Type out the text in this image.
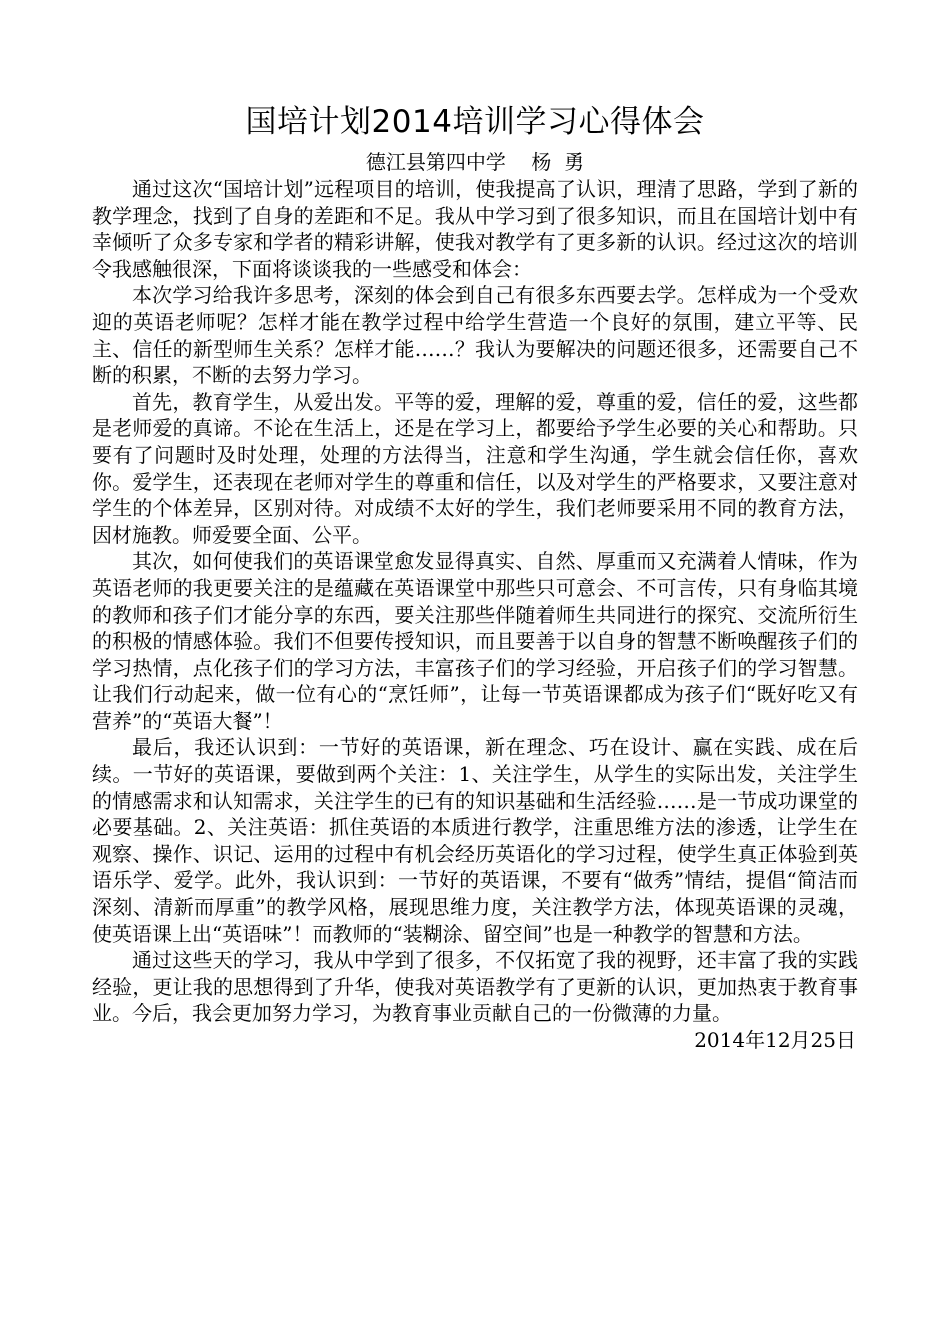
国培计划2014培训学习心得体会

德江县第四中学    杨  勇

通过这次“国培计划”远程项目的培训，使我提高了认识，理清了思路，学到了新的教学理念，找到了自身的差距和不足。我从中学习到了很多知识，而且在国培计划中有幸倾听了众多专家和学者的精彩讲解，使我对教学有了更多新的认识。经过这次的培训令我感触很深，下面将谈谈我的一些感受和体会：

本次学习给我许多思考，深刻的体会到自己有很多东西要去学。怎样成为一个受欢迎的英语老师呢？怎样才能在教学过程中给学生营造一个良好的氛围，建立平等、民主、信任的新型师生关系？怎样才能……？我认为要解决的问题还很多，还需要自己不断的积累，不断的去努力学习。

首先，教育学生，从爱出发。平等的爱，理解的爱，尊重的爱，信任的爱，这些都是老师爱的真谛。不论在生活上，还是在学习上，都要给予学生必要的关心和帮助。只要有了问题时及时处理，处理的方法得当，注意和学生沟通，学生就会信任你，喜欢你。爱学生，还表现在老师对学生的尊重和信任，以及对学生的严格要求，又要注意对学生的个体差异，区别对待。对成绩不太好的学生，我们老师要采用不同的教育方法，因材施教。师爱要全面、公平。

其次，如何使我们的英语课堂愈发显得真实、自然、厚重而又充满着人情味，作为英语老师的我更要关注的是蕴藏在英语课堂中那些只可意会、不可言传，只有身临其境的教师和孩子们才能分享的东西，要关注那些伴随着师生共同进行的探究、交流所衍生的积极的情感体验。我们不但要传授知识，而且要善于以自身的智慧不断唤醒孩子们的学习热情，点化孩子们的学习方法，丰富孩子们的学习经验，开启孩子们的学习智慧。让我们行动起来，做一位有心的“烹饪师”，让每一节英语课都成为孩子们“既好吃又有营养”的“英语大餐”！

最后，我还认识到：一节好的英语课，新在理念、巧在设计、赢在实践、成在后续。一节好的英语课，要做到两个关注：1、关注学生，从学生的实际出发，关注学生的情感需求和认知需求，关注学生的已有的知识基础和生活经验……是一节成功课堂的必要基础。2、关注英语：抓住英语的本质进行教学，注重思维方法的渗透，让学生在观察、操作、识记、运用的过程中有机会经历英语化的学习过程，使学生真正体验到英语乐学、爱学。此外，我认识到：一节好的英语课，不要有“做秀”情结，提倡“简洁而深刻、清新而厚重”的教学风格，展现思维力度，关注教学方法，体现英语课的灵魂，使英语课上出“英语味”！而教师的“装糊涂、留空间”也是一种教学的智慧和方法。

通过这些天的学习，我从中学到了很多，不仅拓宽了我的视野，还丰富了我的实践经验，更让我的思想得到了升华，使我对英语教学有了更新的认识，更加热衷于教育事业。今后，我会更加努力学习，为教育事业贡献自己的一份微薄的力量。

2014年12月25日
